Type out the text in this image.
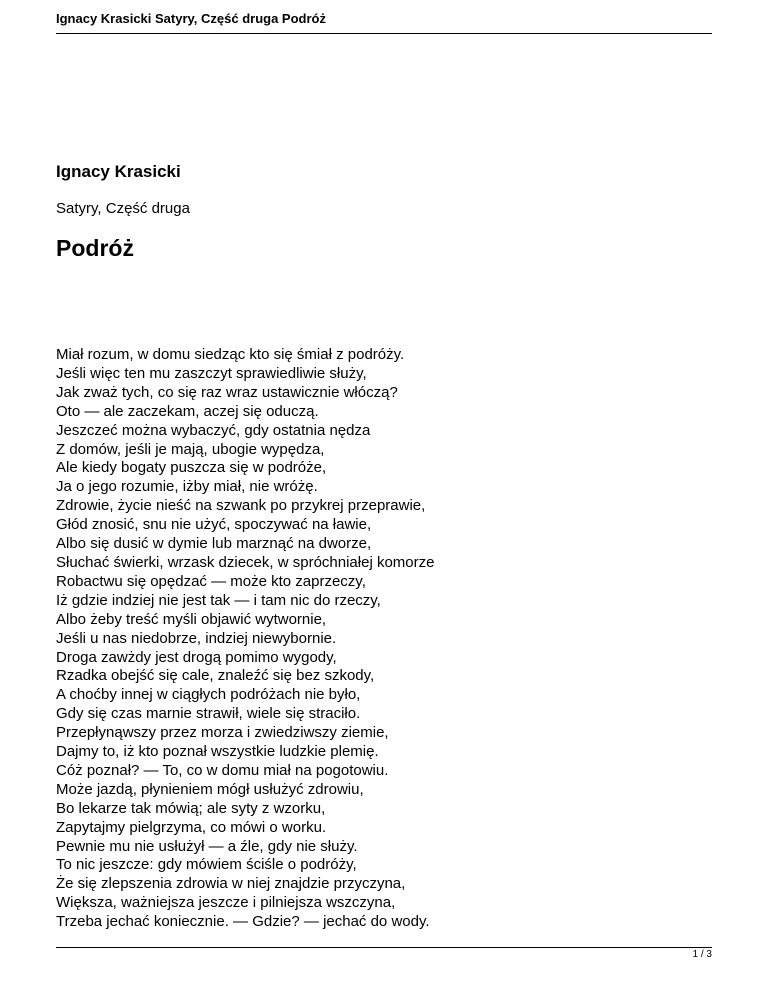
Ignacy Krasicki Satyry, Część druga Podróż
Ignacy Krasicki
Satyry, Część druga
Podróż
Miał rozum, w domu siedząc kto się śmiał z podróży.
Jeśli więc ten mu zaszczyt sprawiedliwie służy,
Jak zważ tych, co się raz wraz ustawicznie włóczą?
Oto — ale zaczekam, aczej się oduczą.
Jeszczeć można wybaczyć, gdy ostatnia nędza
Z domów, jeśli je mają, ubogie wypędza,
Ale kiedy bogaty puszcza się w podróże,
Ja o jego rozumie, iżby miał, nie wróżę.
Zdrowie, życie nieść na szwank po przykrej przeprawie,
Głód znosić, snu nie użyć, spoczywać na ławie,
Albo się dusić w dymie lub marznąć na dworze,
Słuchać świerki, wrzask dziecek, w spróchniałej komorze
Robactwu się opędzać — może kto zaprzeczy,
Iż gdzie indziej nie jest tak — i tam nic do rzeczy,
Albo żeby treść myśli objawić wytwornie,
Jeśli u nas niedobrze, indziej niewybornie.
Droga zawżdy jest drogą pomimo wygody,
Rzadka obejść się cale, znaleźć się bez szkody,
A choćby innej w ciągłych podróżach nie było,
Gdy się czas marnie strawił, wiele się straciło.
Przepłynąwszy przez morza i zwiedziwszy ziemie,
Dajmy to, iż kto poznał wszystkie ludzkie plemię.
Cóż poznał? — To, co w domu miał na pogotowiu.
Może jazdą, płynieniem mógł usłużyć zdrowiu,
Bo lekarze tak mówią; ale syty z wzorku,
Zapytajmy pielgrzyma, co mówi o worku.
Pewnie mu nie usłużył — a źle, gdy nie służy.
To nic jeszcze: gdy mówiem ściśle o podróży,
Że się zlepszenia zdrowia w niej znajdzie przyczyna,
Większa, ważniejsza jeszcze i pilniejsza wszczyna,
Trzeba jechać koniecznie. — Gdzie? — jechać do wody.
1 / 3
